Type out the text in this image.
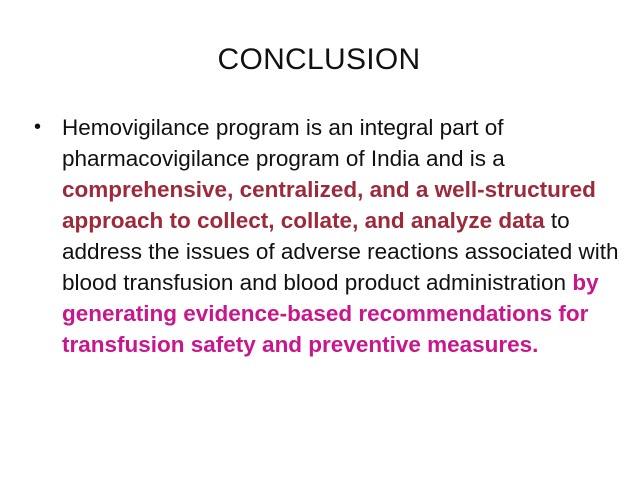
CONCLUSION
• Hemovigilance program is an integral part of pharmacovigilance program of India and is a comprehensive, centralized, and a well-structured approach to collect, collate, and analyze data to address the issues of adverse reactions associated with blood transfusion and blood product administration by generating evidence-based recommendations for transfusion safety and preventive measures.
